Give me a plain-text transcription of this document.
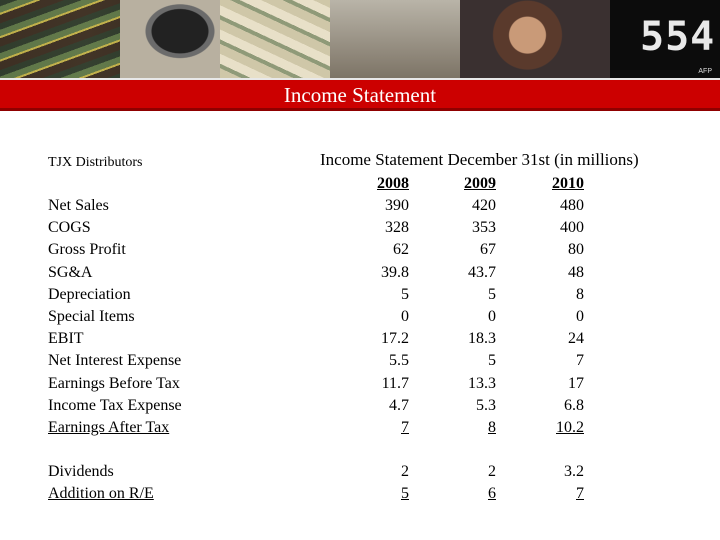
554
AFP
Income Statement
TJX Distributors	Income Statement December 31st (in millions)
2008	2009	2010
Net Sales	390	420	480
COGS	328	353	400
Gross Profit	62	67	80
SG&A	39.8	43.7	48
Depreciation	5	5	8
Special Items	0	0	0
EBIT	17.2	18.3	24
Net Interest Expense	5.5	5	7
Earnings Before Tax	11.7	13.3	17
Income Tax Expense	4.7	5.3	6.8
Earnings After Tax	7	8	10.2
Dividends	2	2	3.2
Addition on R/E	5	6	7
